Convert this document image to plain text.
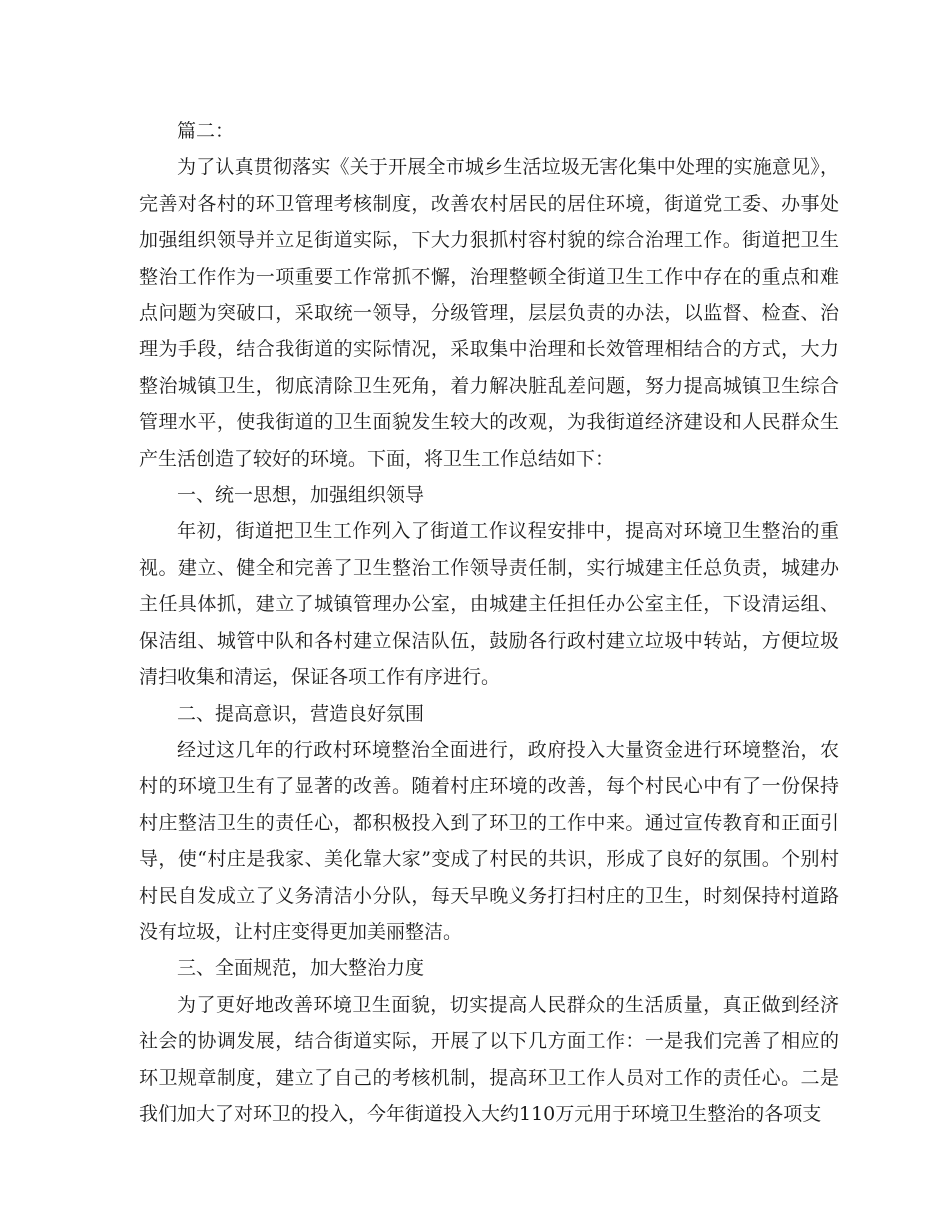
篇二：

为了认真贯彻落实《关于开展全市城乡生活垃圾无害化集中处理的实施意见》，完善对各村的环卫管理考核制度，改善农村居民的居住环境，街道党工委、办事处加强组织领导并立足街道实际，下大力狠抓村容村貌的综合治理工作。街道把卫生整治工作作为一项重要工作常抓不懈，治理整顿全街道卫生工作中存在的重点和难点问题为突破口，采取统一领导，分级管理，层层负责的办法，以监督、检查、治理为手段，结合我街道的实际情况，采取集中治理和长效管理相结合的方式，大力整治城镇卫生，彻底清除卫生死角，着力解决脏乱差问题，努力提高城镇卫生综合管理水平，使我街道的卫生面貌发生较大的改观，为我街道经济建设和人民群众生产生活创造了较好的环境。下面，将卫生工作总结如下：

一、统一思想，加强组织领导

年初，街道把卫生工作列入了街道工作议程安排中，提高对环境卫生整治的重视。建立、健全和完善了卫生整治工作领导责任制，实行城建主任总负责，城建办主任具体抓，建立了城镇管理办公室，由城建主任担任办公室主任，下设清运组、保洁组、城管中队和各村建立保洁队伍，鼓励各行政村建立垃圾中转站，方便垃圾清扫收集和清运，保证各项工作有序进行。

二、提高意识，营造良好氛围

经过这几年的行政村环境整治全面进行，政府投入大量资金进行环境整治，农村的环境卫生有了显著的改善。随着村庄环境的改善，每个村民心中有了一份保持村庄整洁卫生的责任心，都积极投入到了环卫的工作中来。通过宣传教育和正面引导，使“村庄是我家、美化靠大家”变成了村民的共识，形成了良好的氛围。个别村村民自发成立了义务清洁小分队，每天早晚义务打扫村庄的卫生，时刻保持村道路没有垃圾，让村庄变得更加美丽整洁。

三、全面规范，加大整治力度

为了更好地改善环境卫生面貌，切实提高人民群众的生活质量，真正做到经济社会的协调发展，结合街道实际，开展了以下几方面工作：一是我们完善了相应的环卫规章制度，建立了自己的考核机制，提高环卫工作人员对工作的责任心。二是我们加大了对环卫的投入，今年街道投入大约110万元用于环境卫生整治的各项支
